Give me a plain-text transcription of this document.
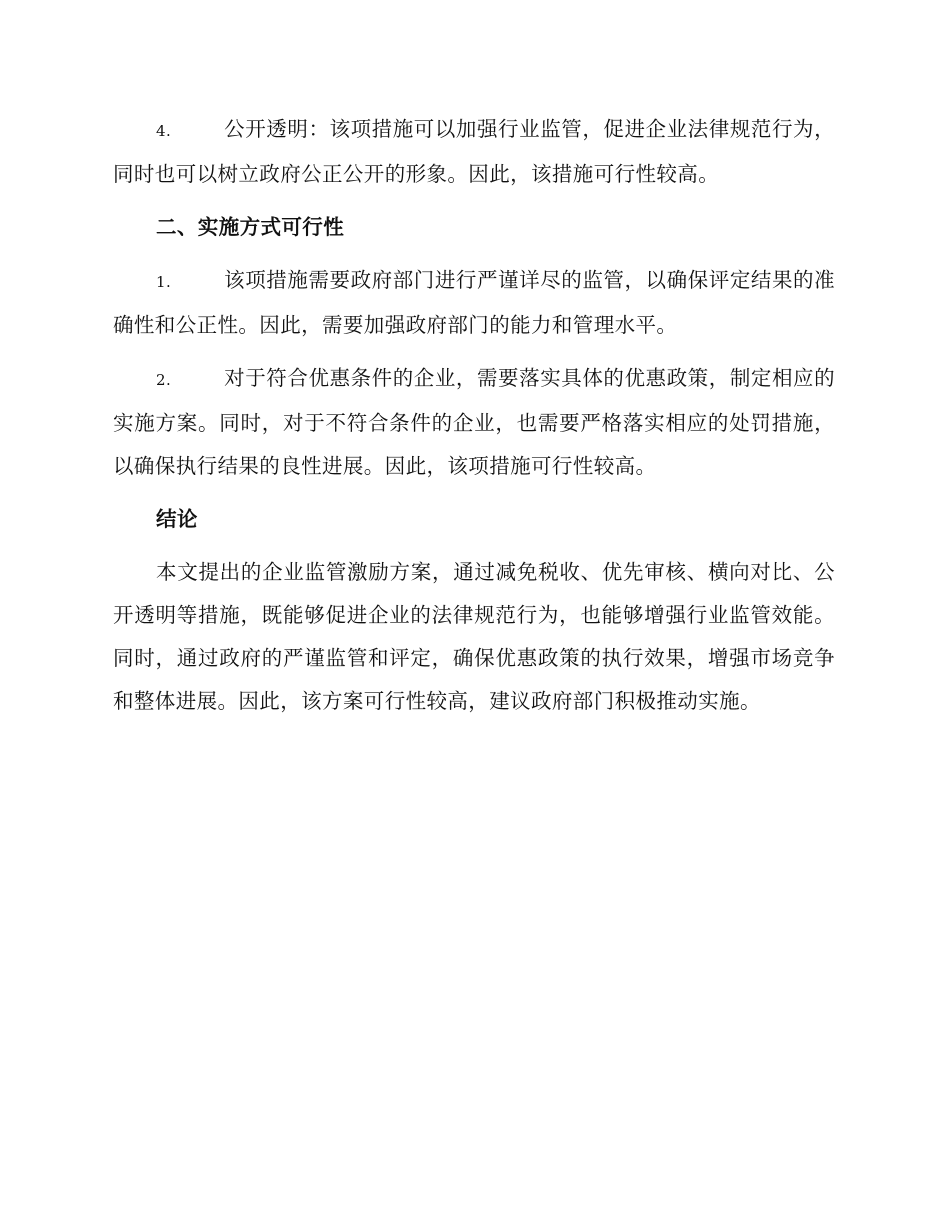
4.	公开透明：该项措施可以加强行业监管，促进企业法律规范行为，同时也可以树立政府公正公开的形象。因此，该措施可行性较高。

二、实施方式可行性

1.	该项措施需要政府部门进行严谨详尽的监管，以确保评定结果的准确性和公正性。因此，需要加强政府部门的能力和管理水平。

2.	对于符合优惠条件的企业，需要落实具体的优惠政策，制定相应的实施方案。同时，对于不符合条件的企业，也需要严格落实相应的处罚措施，以确保执行结果的良性进展。因此，该项措施可行性较高。

结论

本文提出的企业监管激励方案，通过减免税收、优先审核、横向对比、公开透明等措施，既能够促进企业的法律规范行为，也能够增强行业监管效能。同时，通过政府的严谨监管和评定，确保优惠政策的执行效果，增强市场竞争和整体进展。因此，该方案可行性较高，建议政府部门积极推动实施。
